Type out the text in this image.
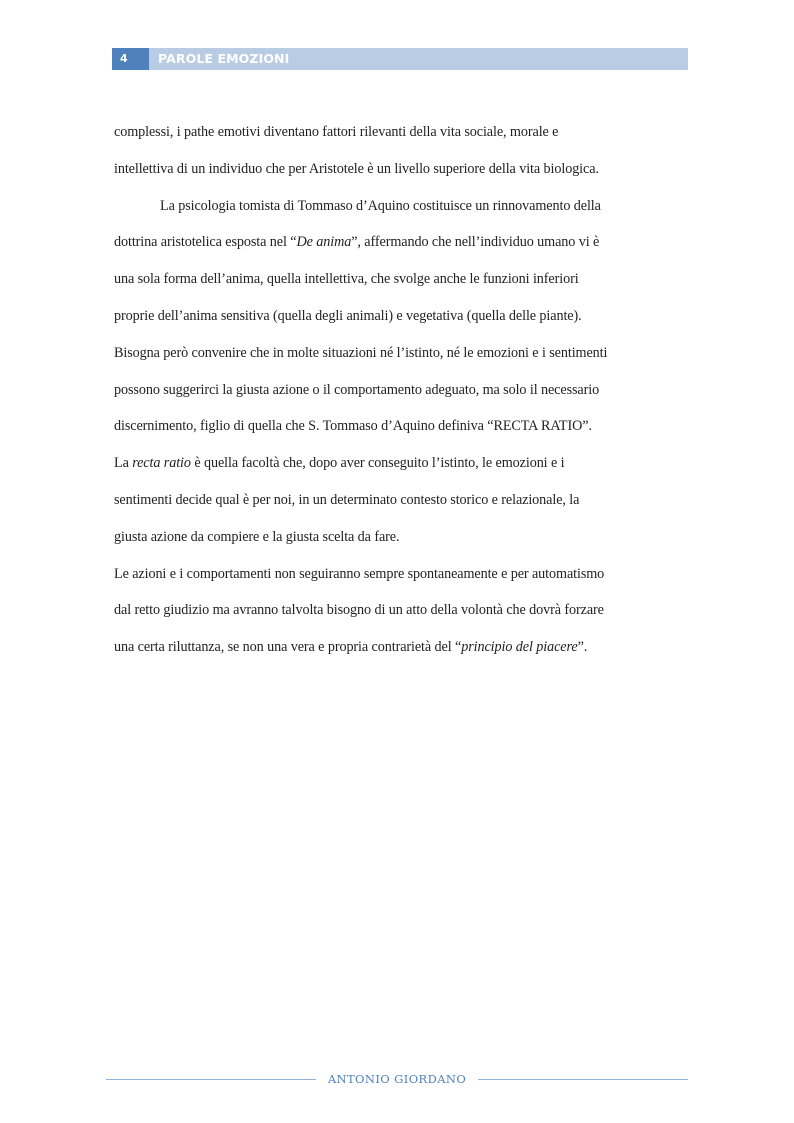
4	PAROLE EMOZIONI

complessi, i pathe emotivi diventano fattori rilevanti della vita sociale, morale e

intellettiva di un individuo che per Aristotele è un livello superiore della vita biologica.

La psicologia tomista di Tommaso d’Aquino costituisce un rinnovamento della

dottrina aristotelica esposta nel “De anima”, affermando che nell’individuo umano vi è

una sola forma dell’anima, quella intellettiva, che svolge anche le funzioni inferiori

proprie dell’anima sensitiva (quella degli animali) e vegetativa (quella delle piante).

Bisogna però convenire che in molte situazioni né l’istinto, né le emozioni e i sentimenti

possono suggerirci la giusta azione o il comportamento adeguato, ma solo il necessario

discernimento, figlio di quella che S. Tommaso d’Aquino definiva “RECTA RATIO”.

La recta ratio è quella facoltà che, dopo aver conseguito l’istinto, le emozioni e i

sentimenti decide qual è per noi, in un determinato contesto storico e relazionale, la

giusta azione da compiere e la giusta scelta da fare.

Le azioni e i comportamenti non seguiranno sempre spontaneamente e per automatismo

dal retto giudizio ma avranno talvolta bisogno di un atto della volontà che dovrà forzare

una certa riluttanza, se non una vera e propria contrarietà del “principio del piacere”.

ANTONIO GIORDANO
